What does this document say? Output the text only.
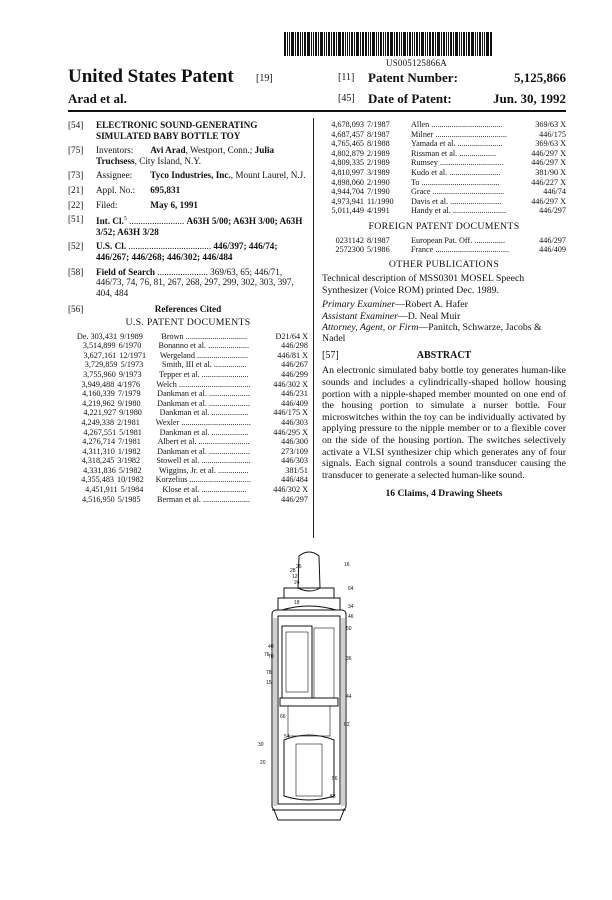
US005125866A
United States Patent [19]
Arad et al.
[11] Patent Number:	5,125,866
[45] Date of Patent:	Jun. 30, 1992
[54] ELECTRONIC SOUND-GENERATING SIMULATED BABY BOTTLE TOY
[75] Inventors: Avi Arad, Westport, Conn.; Julia Truchsess, City Island, N.Y.
[73] Assignee: Tyco Industries, Inc., Mount Laurel, N.J.
[21] Appl. No.: 695,831
[22] Filed:	May 6, 1991
[51] Int. Cl.$^5$ ........................ A63H 5/00; A63H 3/00; A63H 3/52; A63H 3/28
[52] U.S. Cl. .................................... 446/397; 446/74; 446/267; 446/268; 446/302; 446/484
[58] Field of Search ...................... 369/63, 65; 446/71, 446/73, 74, 76, 81, 267, 268, 297, 299, 302, 303, 397, 404, 484
[56]	References Cited
U.S. PATENT DOCUMENTS
De. 303,431 9/1989	Brown ..............................	D21/64 X
3,514,899 6/1970	Bonanno et al. ....................	446/298
3,627,161 12/1971	Wergeland .........................	446/81 X
3,729,859 5/1973	Smith, III et al. ................	446/267
3,755,960 9/1973	Tepper et al. .......................	446/299
3,949,488 4/1976	Welch ...................................	446/302 X
4,160,339 7/1979	Dankman et al. ....................	446/231
4,219,962 9/1980	Dankman et al. ....................	446/409
4,221,927 9/1980	Dankman et al. ..................	446/175 X
4,249,338 2/1981	Wexler ..................................	446/303
4,267,551 5/1981	Dankman et al. ..................	446/295 X
4,276,714 7/1981	Albert et al. .........................	446/300
4,311,310 1/1982	Dankman et al. ....................	273/109
4,318,245 3/1982	Stowell et al. ........................	446/303
4,331,836 5/1982	Wiggins, Jr. et al. ...............	381/51
4,355,483 10/1982	Korzelius ..............................	446/484
4,451,911 5/1984	Klose et al. ......................	446/302 X
4,516,950 5/1985	Berman et al. .......................	446/297
4,678,093 7/1987	Allen ...................................	369/63 X
4,687,457 8/1987	Milner ...................................	446/175
4,765,465 8/1988	Yamada et al. ......................	369/63 X
4,802,879 2/1989	Rissman et al. ..................	446/297 X
4,809,335 2/1989	Rumsey ...............................	446/297 X
4,810,997 3/1989	Kudo et al. .........................	381/90 X
4,898,060 2/1990	To ......................................	446/227 X
4,944,704 7/1990	Grace ...................................	446/74
4,973,941 11/1990	Davis et al. .........................	446/297 X
5,011,449 4/1991	Handy et al. ..........................	446/297
FOREIGN PATENT DOCUMENTS
0231142 8/1987	European Pat. Off. ...............	446/297
2572300 5/1986	France ....................................	446/409
OTHER PUBLICATIONS
Technical description of MSS0301 MOSEL Speech Synthesizer (Voice ROM) printed Dec. 1989.
Primary Examiner—Robert A. Hafer
Assistant Examiner—D. Neal Muir
Attorney, Agent, or Firm—Panitch, Schwarze, Jacobs & Nadel
[57]	ABSTRACT
An electronic simulated baby bottle toy generates human-like sounds and includes a cylindrically-shaped hollow housing portion with a nipple-shaped member mounted on one end of the housing portion to simulate a nurser bottle. Four microswitches within the toy can be individually activated by applying pressure to the nipple member or to a flexible cover on the side of the housing portion. The switches selectively activate a VLSI synthesizer chip which generates any of four signals. Each signal controls a sound transducer causing the transducer to generate a selected human-like sound.
16 Claims, 4 Drawing Sheets
12
26
28
24
18
16
64
34
46
76
50
70	36
78
15
40
66
44
62
54
30
20
56
58
